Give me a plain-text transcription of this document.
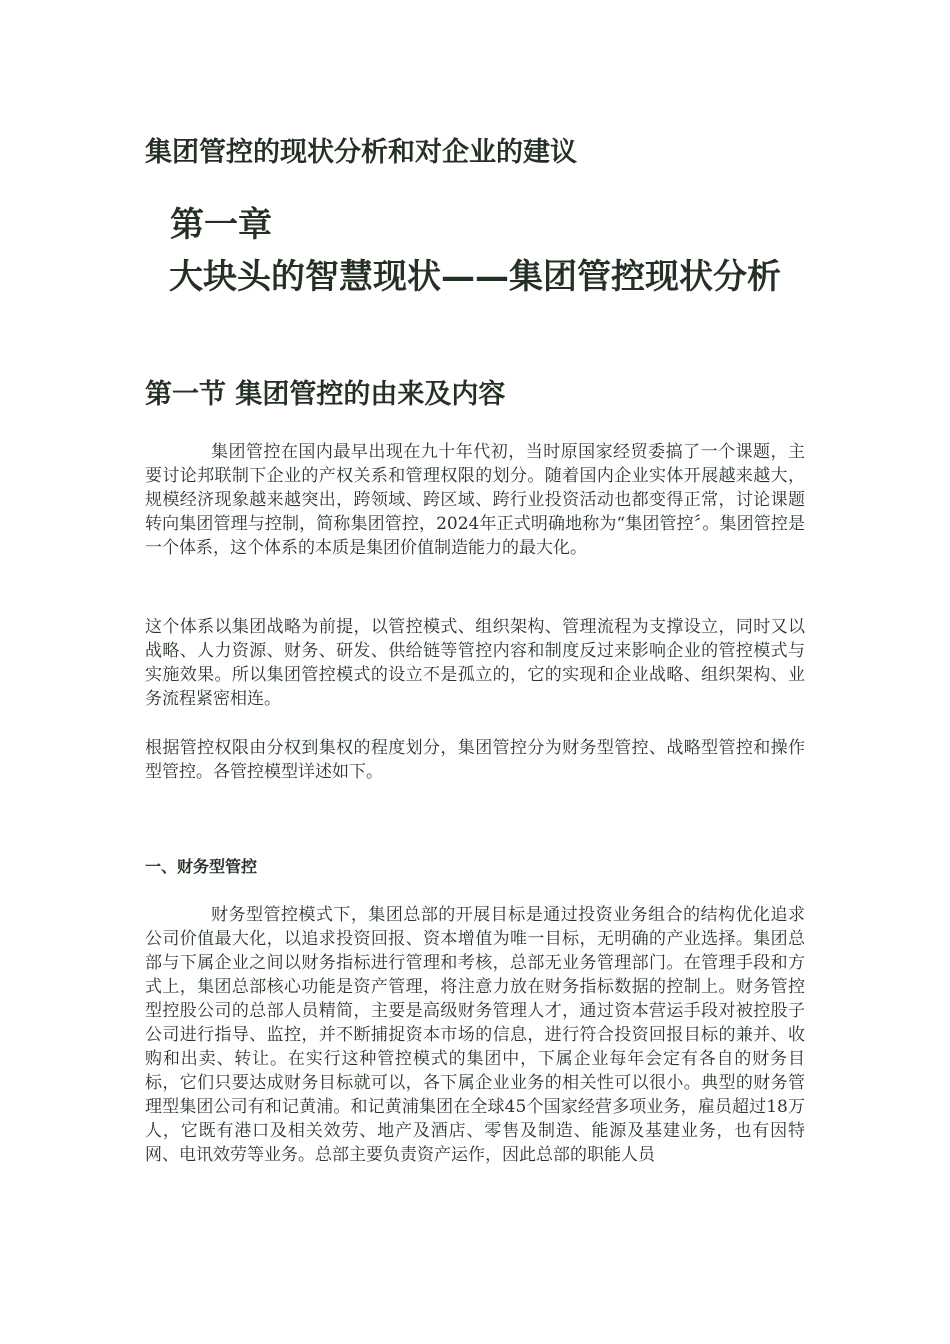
集团管控的现状分析和对企业的建议
第一章
大块头的智慧现状——集团管控现状分析
第一节 集团管控的由来及内容

集团管控在国内最早出现在九十年代初，当时原国家经贸委搞了一个课题，主要讨论邦联制下企业的产权关系和管理权限的划分。随着国内企业实体开展越来越大，规模经济现象越来越突出，跨领域、跨区域、跨行业投资活动也都变得正常，讨论课题转向集团管理与控制，简称集团管控，2024年正式明确地称为“集团管控〞。集团管控是一个体系，这个体系的本质是集团价值制造能力的最大化。

这个体系以集团战略为前提，以管控模式、组织架构、管理流程为支撑设立，同时又以战略、人力资源、财务、研发、供给链等管控内容和制度反过来影响企业的管控模式与实施效果。所以集团管控模式的设立不是孤立的，它的实现和企业战略、组织架构、业务流程紧密相连。

根据管控权限由分权到集权的程度划分，集团管控分为财务型管控、战略型管控和操作型管控。各管控模型详述如下。

一、财务型管控

财务型管控模式下，集团总部的开展目标是通过投资业务组合的结构优化追求公司价值最大化，以追求投资回报、资本增值为唯一目标，无明确的产业选择。集团总部与下属企业之间以财务指标进行管理和考核，总部无业务管理部门。在管理手段和方式上，集团总部核心功能是资产管理，将注意力放在财务指标数据的控制上。财务管控型控股公司的总部人员精简，主要是高级财务管理人才，通过资本营运手段对被控股子公司进行指导、监控，并不断捕捉资本市场的信息，进行符合投资回报目标的兼并、收购和出卖、转让。在实行这种管控模式的集团中，下属企业每年会定有各自的财务目标，它们只要达成财务目标就可以，各下属企业业务的相关性可以很小。典型的财务管理型集团公司有和记黄浦。和记黄浦集团在全球45个国家经营多项业务，雇员超过18万人，它既有港口及相关效劳、地产及酒店、零售及制造、能源及基建业务，也有因特网、电讯效劳等业务。总部主要负责资产运作，因此总部的职能人员
